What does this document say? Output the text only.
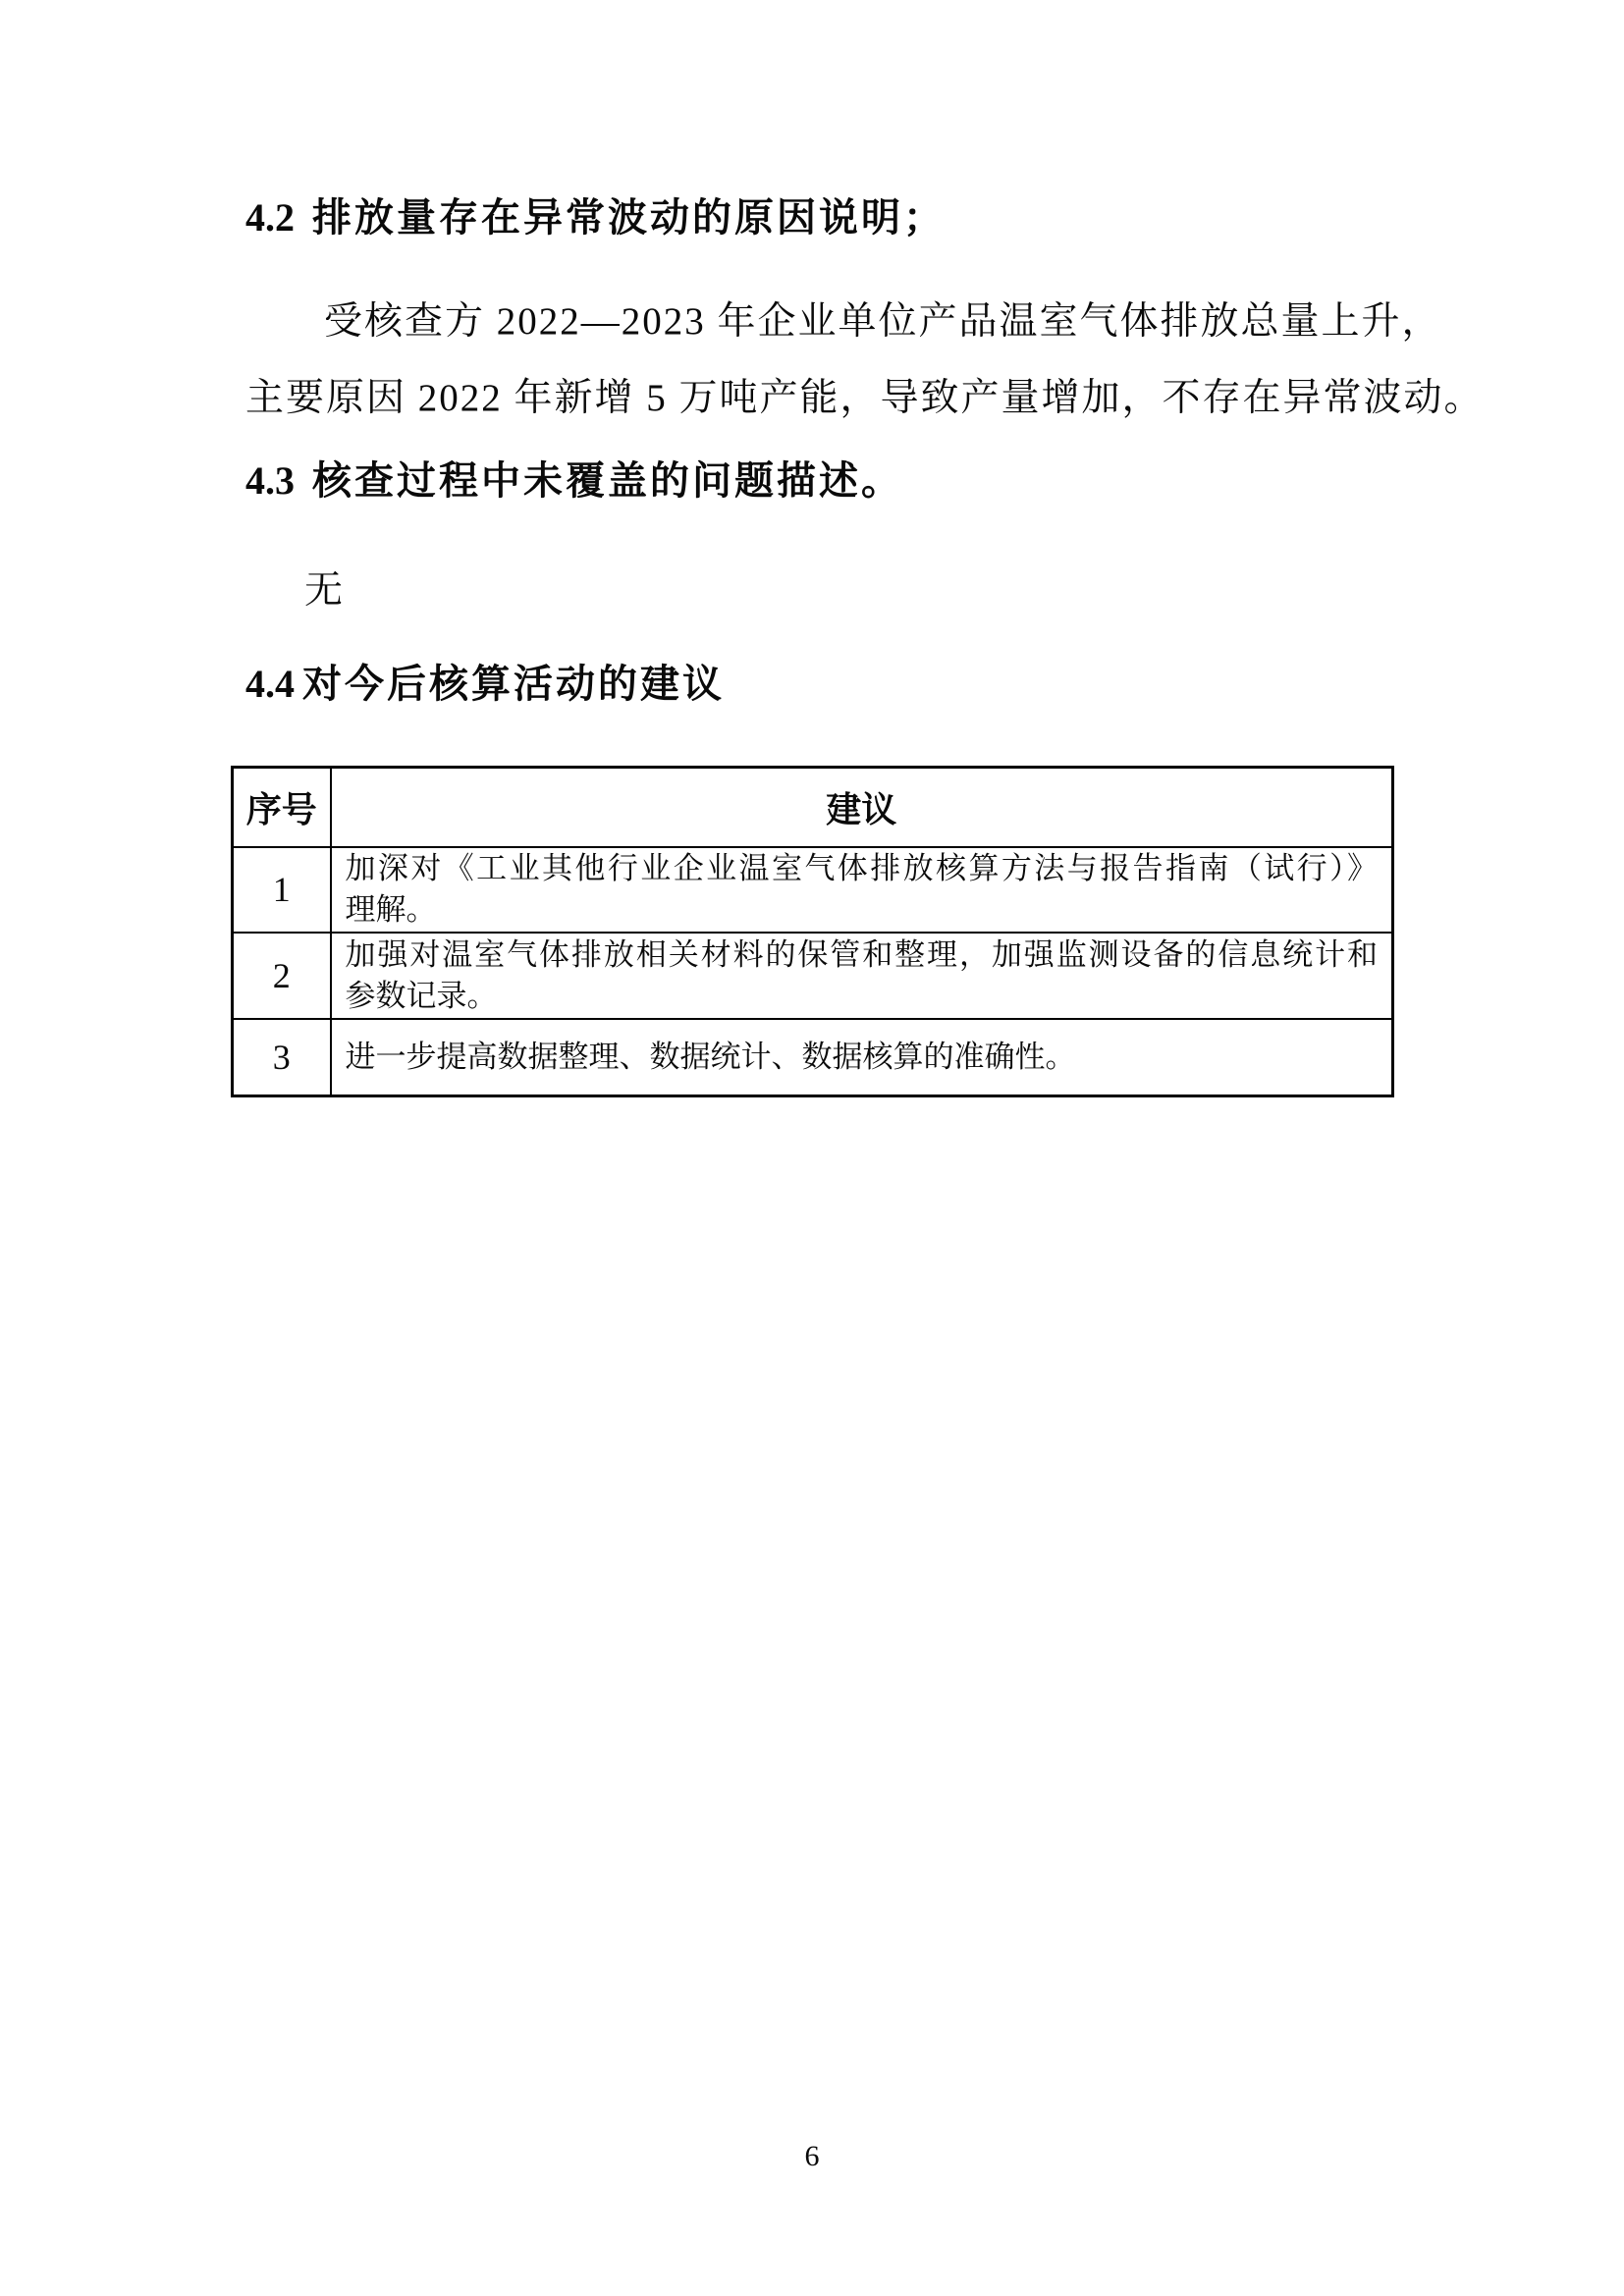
4.2 排放量存在异常波动的原因说明；
受核查方 2022—2023 年企业单位产品温室气体排放总量上升，
主要原因 2022 年新增 5 万吨产能，导致产量增加，不存在异常波动。
4.3 核查过程中未覆盖的问题描述。
无
4.4 对今后核算活动的建议
序号	建议
1	加深对《工业其他行业企业温室气体排放核算方法与报告指南（试行）》
理解。

2	加强对温室气体排放相关材料的保管和整理，加强监测设备的信息统计和
参数记录。

3	进一步提高数据整理、数据统计、数据核算的准确性。
6
